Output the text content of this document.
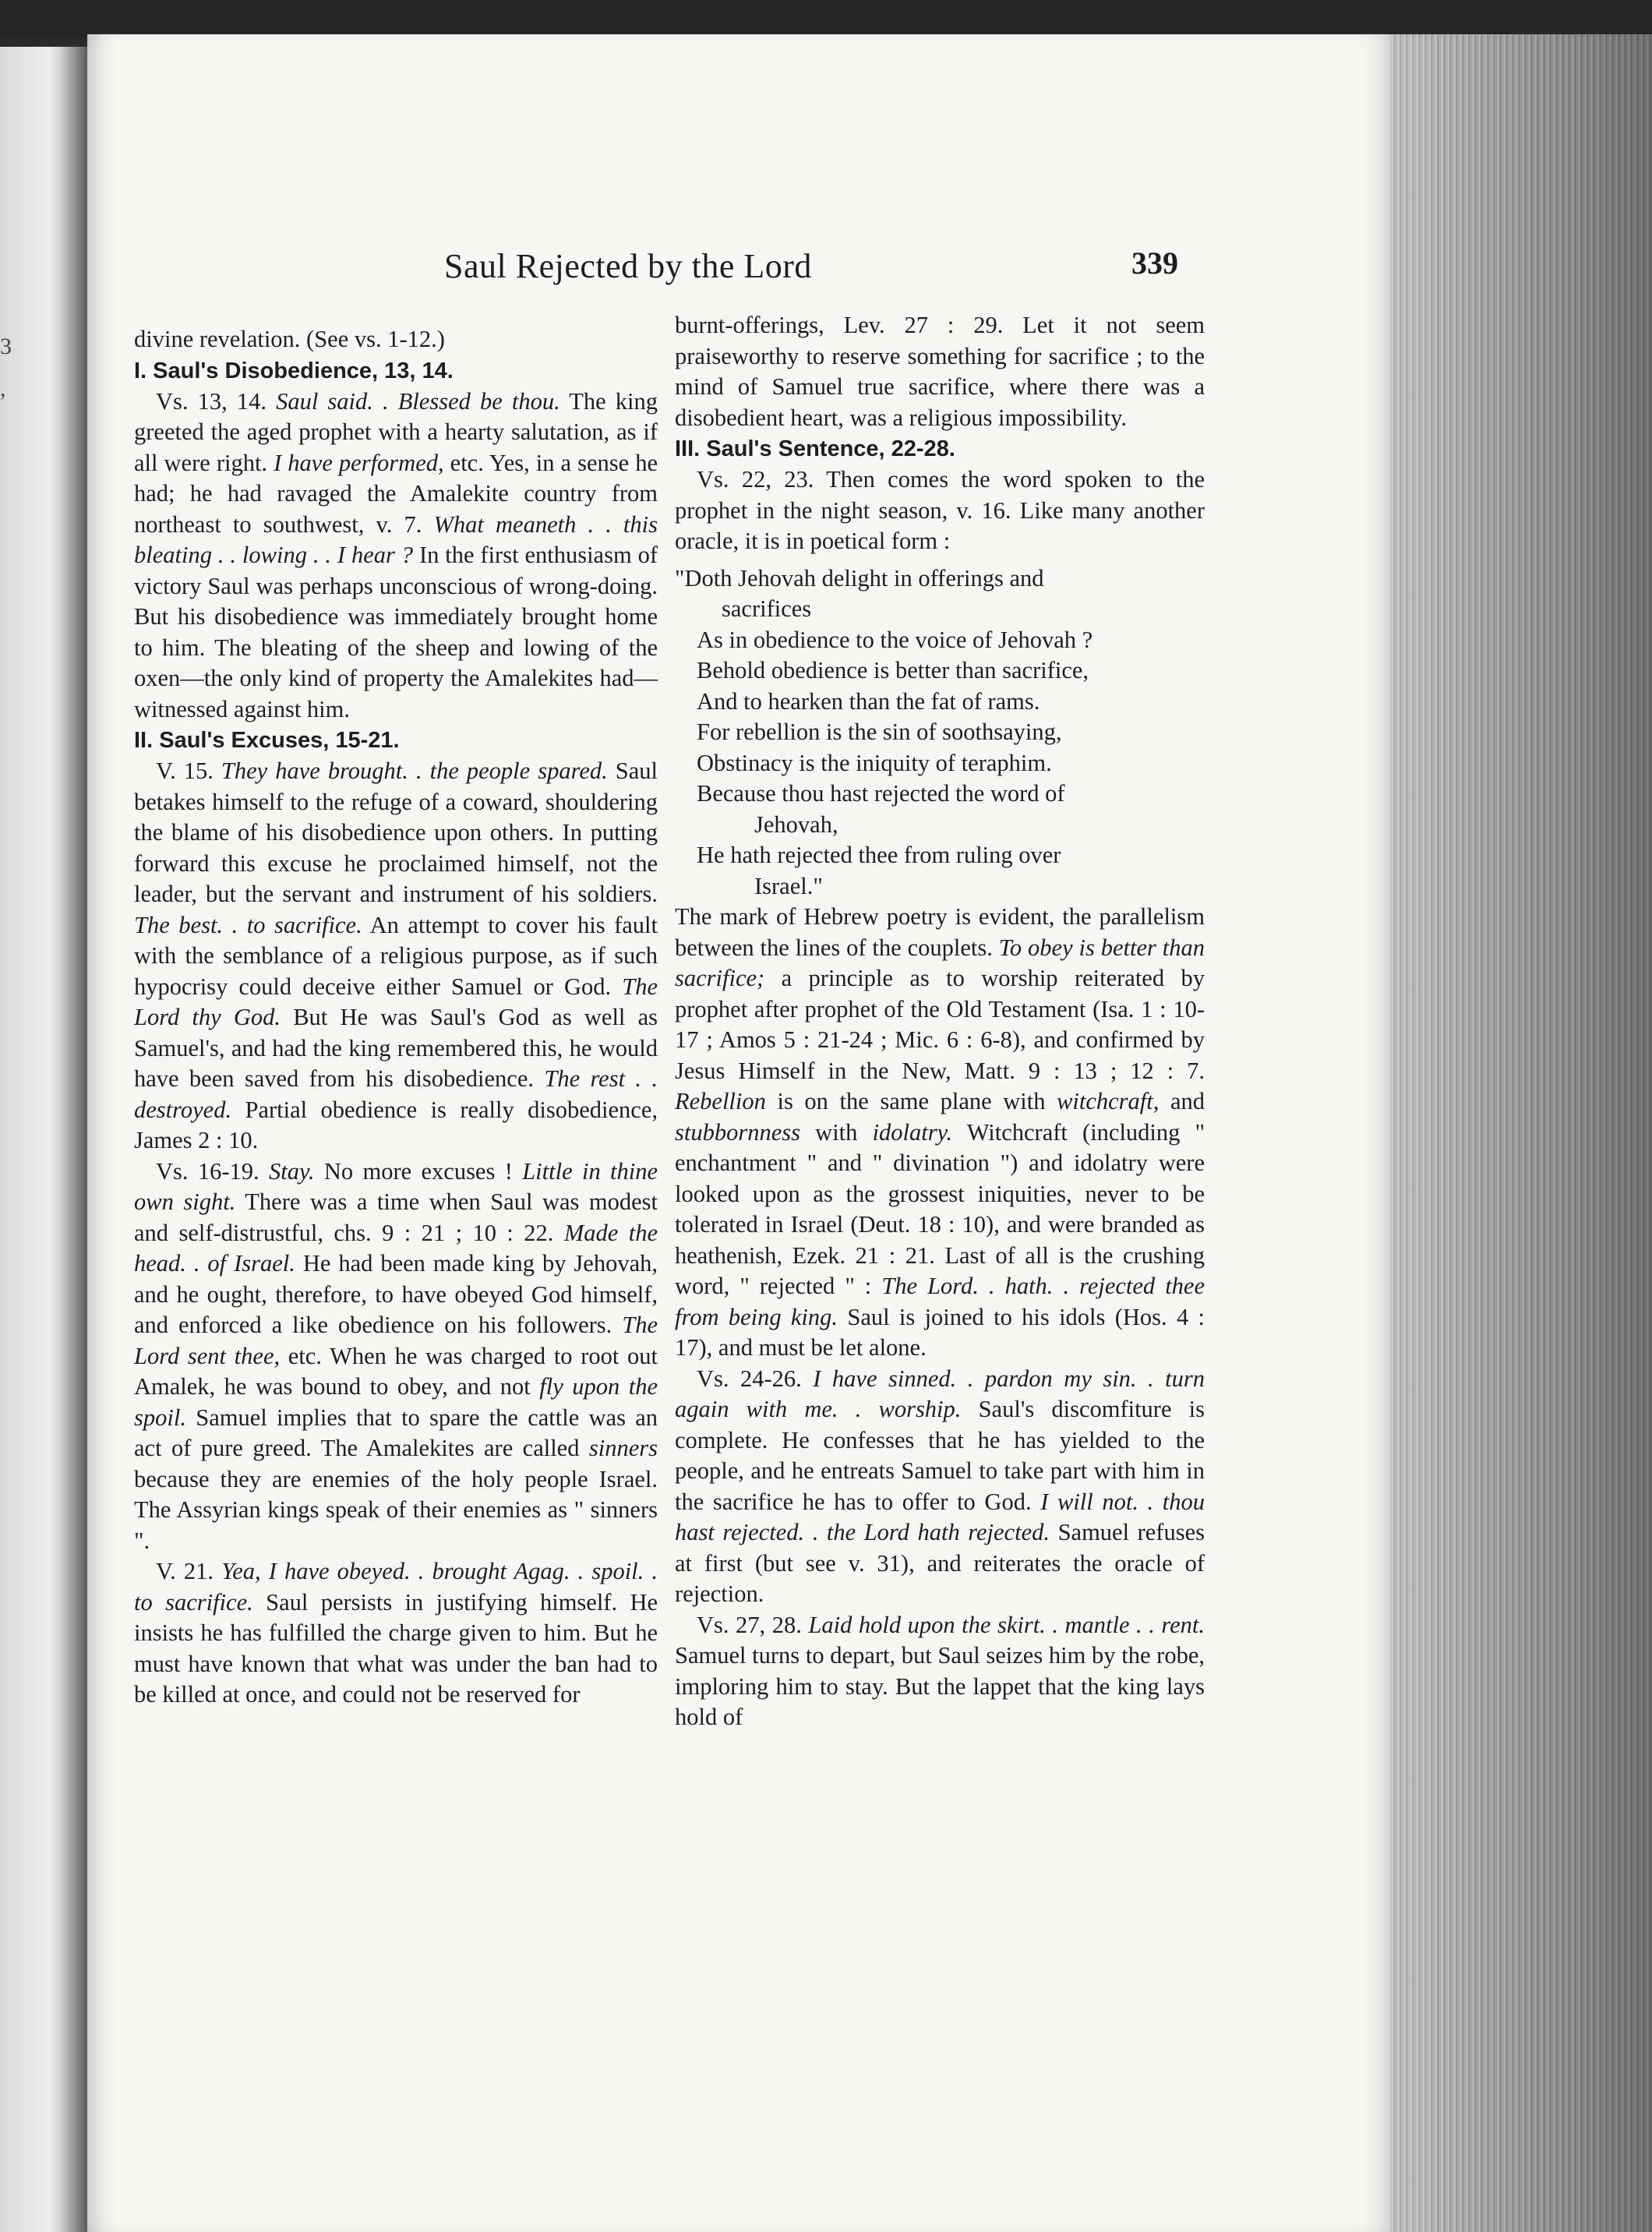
3
,
Saul Rejected by the Lord	339

divine revelation. (See vs. 1-12.)

I. Saul's Disobedience, 13, 14.

Vs. 13, 14. Saul said. . Blessed be thou. The king greeted the aged prophet with a hearty salutation, as if all were right. I have performed, etc. Yes, in a sense he had; he had ravaged the Amalekite country from northeast to southwest, v. 7. What meaneth . . this bleating . . lowing . . I hear ? In the first enthusiasm of victory Saul was perhaps unconscious of wrong-doing. But his disobedience was immediately brought home to him. The bleating of the sheep and lowing of the oxen—the only kind of property the Amalekites had—witnessed against him.

II. Saul's Excuses, 15-21.

V. 15. They have brought. . the people spared. Saul betakes himself to the refuge of a coward, shouldering the blame of his disobedience upon others. In putting forward this excuse he proclaimed himself, not the leader, but the servant and instrument of his soldiers. The best. . to sacrifice. An attempt to cover his fault with the semblance of a religious purpose, as if such hypocrisy could deceive either Samuel or God. The Lord thy God. But He was Saul's God as well as Samuel's, and had the king remembered this, he would have been saved from his disobedience. The rest . . destroyed. Partial obedience is really disobedience, James 2 : 10.

Vs. 16-19. Stay. No more excuses ! Little in thine own sight. There was a time when Saul was modest and self-distrustful, chs. 9 : 21 ; 10 : 22. Made the head. . of Israel. He had been made king by Jehovah, and he ought, therefore, to have obeyed God himself, and enforced a like obedience on his followers. The Lord sent thee, etc. When he was charged to root out Amalek, he was bound to obey, and not fly upon the spoil. Samuel implies that to spare the cattle was an act of pure greed. The Amalekites are called sinners because they are enemies of the holy people Israel. The Assyrian kings speak of their enemies as " sinners ".

V. 21. Yea, I have obeyed. . brought Agag. . spoil. . to sacrifice. Saul persists in justifying himself. He insists he has fulfilled the charge given to him. But he must have known that what was under the ban had to be killed at once, and could not be reserved for

burnt-offerings, Lev. 27 : 29. Let it not seem praiseworthy to reserve something for sacrifice ; to the mind of Samuel true sacrifice, where there was a disobedient heart, was a religious impossibility.

III. Saul's Sentence, 22-28.

Vs. 22, 23. Then comes the word spoken to the prophet in the night season, v. 16. Like many another oracle, it is in poetical form :

"Doth Jehovah delight in offerings and
sacrifices
As in obedience to the voice of Jehovah ?
Behold obedience is better than sacrifice,
And to hearken than the fat of rams.
For rebellion is the sin of soothsaying,
Obstinacy is the iniquity of teraphim.
Because thou hast rejected the word of
Jehovah,
He hath rejected thee from ruling over
Israel."

The mark of Hebrew poetry is evident, the parallelism between the lines of the couplets. To obey is better than sacrifice; a principle as to worship reiterated by prophet after prophet of the Old Testament (Isa. 1 : 10-17 ; Amos 5 : 21-24 ; Mic. 6 : 6-8), and confirmed by Jesus Himself in the New, Matt. 9 : 13 ; 12 : 7. Rebellion is on the same plane with witchcraft, and stubbornness with idolatry. Witchcraft (including " enchantment " and " divination ") and idolatry were looked upon as the grossest iniquities, never to be tolerated in Israel (Deut. 18 : 10), and were branded as heathenish, Ezek. 21 : 21. Last of all is the crushing word, " rejected " : The Lord. . hath. . rejected thee from being king. Saul is joined to his idols (Hos. 4 : 17), and must be let alone.

Vs. 24-26. I have sinned. . pardon my sin. . turn again with me. . worship. Saul's discomfiture is complete. He confesses that he has yielded to the people, and he entreats Samuel to take part with him in the sacrifice he has to offer to God. I will not. . thou hast rejected. . the Lord hath rejected. Samuel refuses at first (but see v. 31), and reiterates the oracle of rejection.

Vs. 27, 28. Laid hold upon the skirt. . mantle . . rent. Samuel turns to depart, but Saul seizes him by the robe, imploring him to stay. But the lappet that the king lays hold of
